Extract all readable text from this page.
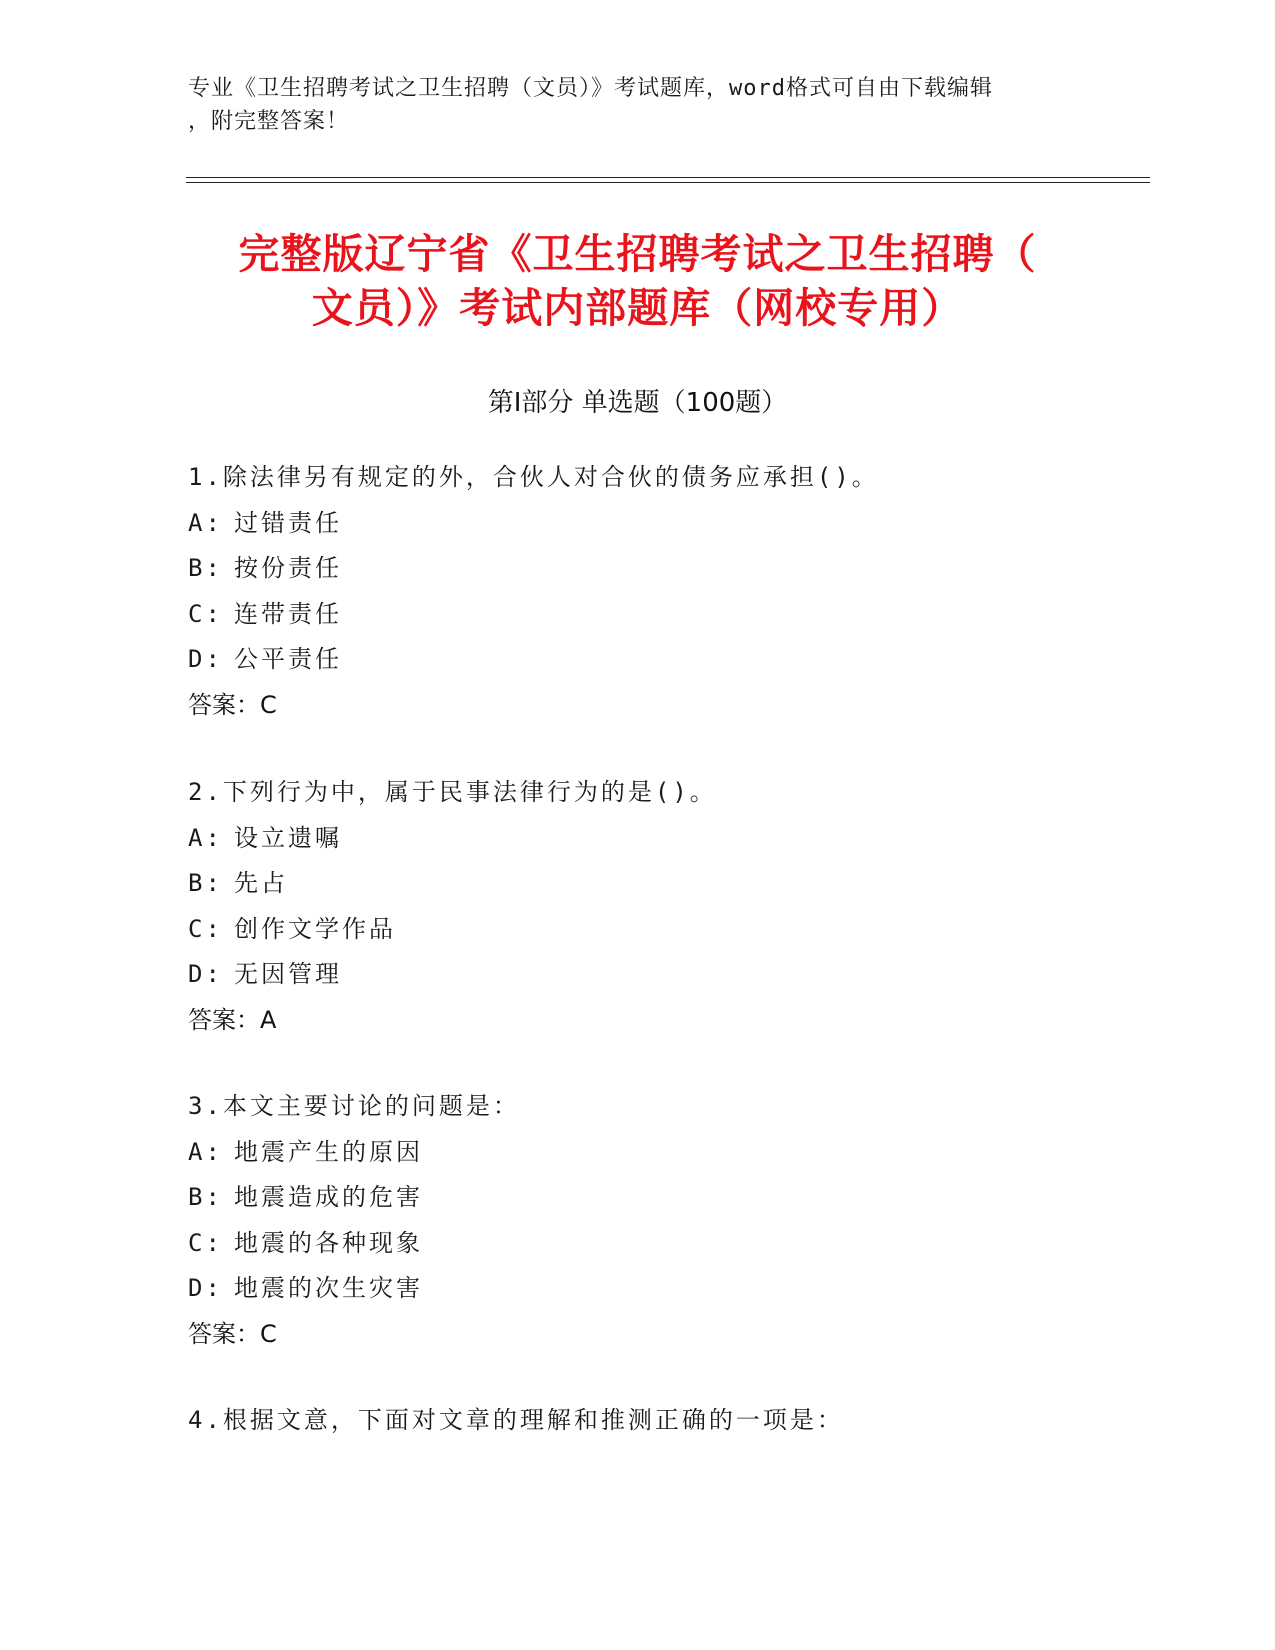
专业《卫生招聘考试之卫生招聘（文员）》考试题库，word格式可自由下载编辑
，附完整答案！
完整版辽宁省《卫生招聘考试之卫生招聘（
文员）》考试内部题库（网校专用）
第Ⅰ部分 单选题（100题）
1.除法律另有规定的外，合伙人对合伙的债务应承担()。
A: 过错责任
B: 按份责任
C: 连带责任
D: 公平责任
答案：C
2.下列行为中，属于民事法律行为的是()。
A: 设立遗嘱
B: 先占
C: 创作文学作品
D: 无因管理
答案：A
3.本文主要讨论的问题是：
A: 地震产生的原因
B: 地震造成的危害
C: 地震的各种现象
D: 地震的次生灾害
答案：C
4.根据文意，下面对文章的理解和推测正确的一项是：
